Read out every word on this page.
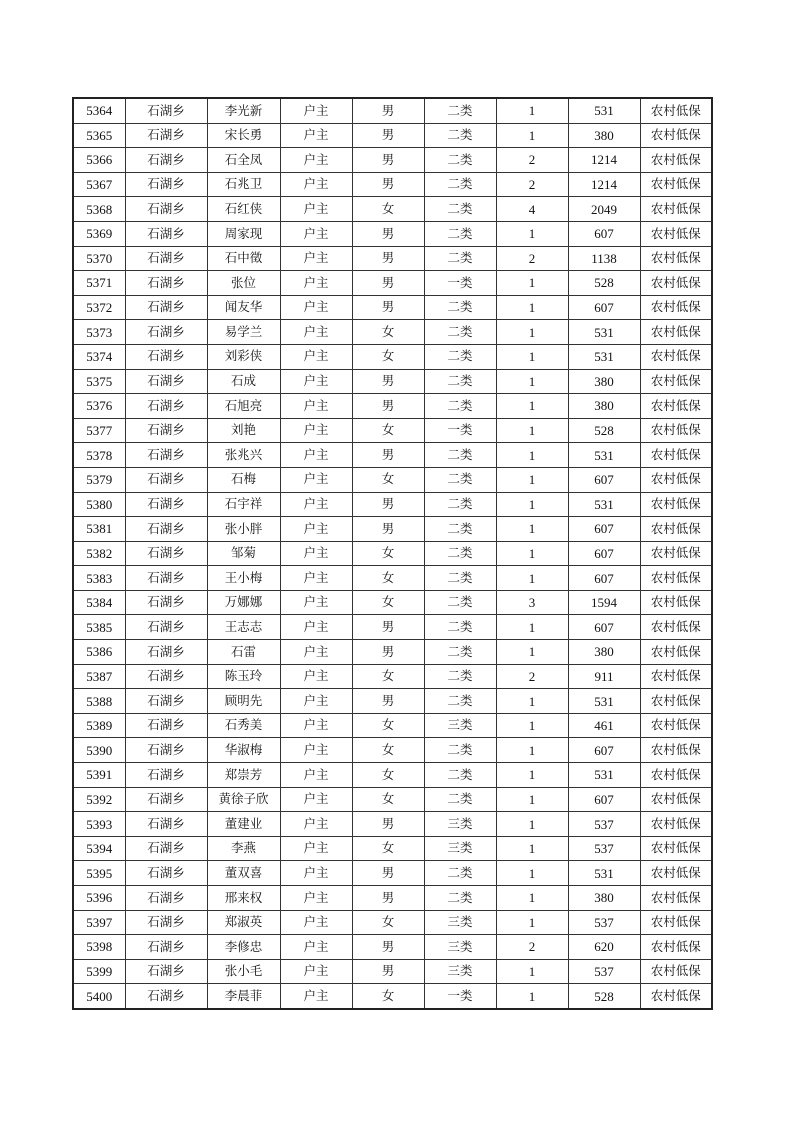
5364	石湖乡	李光新	户主	男	二类	1	531	农村低保
5365	石湖乡	宋长勇	户主	男	二类	1	380	农村低保
5366	石湖乡	石全凤	户主	男	二类	2	1214	农村低保
5367	石湖乡	石兆卫	户主	男	二类	2	1214	农村低保
5368	石湖乡	石红侠	户主	女	二类	4	2049	农村低保
5369	石湖乡	周家现	户主	男	二类	1	607	农村低保
5370	石湖乡	石中徵	户主	男	二类	2	1138	农村低保
5371	石湖乡	张位	户主	男	一类	1	528	农村低保
5372	石湖乡	闻友华	户主	男	二类	1	607	农村低保
5373	石湖乡	易学兰	户主	女	二类	1	531	农村低保
5374	石湖乡	刘彩侠	户主	女	二类	1	531	农村低保
5375	石湖乡	石成	户主	男	二类	1	380	农村低保
5376	石湖乡	石旭亮	户主	男	二类	1	380	农村低保
5377	石湖乡	刘艳	户主	女	一类	1	528	农村低保
5378	石湖乡	张兆兴	户主	男	二类	1	531	农村低保
5379	石湖乡	石梅	户主	女	二类	1	607	农村低保
5380	石湖乡	石宇祥	户主	男	二类	1	531	农村低保
5381	石湖乡	张小胖	户主	男	二类	1	607	农村低保
5382	石湖乡	邹菊	户主	女	二类	1	607	农村低保
5383	石湖乡	王小梅	户主	女	二类	1	607	农村低保
5384	石湖乡	万娜娜	户主	女	二类	3	1594	农村低保
5385	石湖乡	王志志	户主	男	二类	1	607	农村低保
5386	石湖乡	石雷	户主	男	二类	1	380	农村低保
5387	石湖乡	陈玉玲	户主	女	二类	2	911	农村低保
5388	石湖乡	顾明先	户主	男	二类	1	531	农村低保
5389	石湖乡	石秀美	户主	女	三类	1	461	农村低保
5390	石湖乡	华淑梅	户主	女	二类	1	607	农村低保
5391	石湖乡	郑崇芳	户主	女	二类	1	531	农村低保
5392	石湖乡	黄徐子欣	户主	女	二类	1	607	农村低保
5393	石湖乡	董建业	户主	男	三类	1	537	农村低保
5394	石湖乡	李燕	户主	女	三类	1	537	农村低保
5395	石湖乡	董双喜	户主	男	二类	1	531	农村低保
5396	石湖乡	邢来权	户主	男	二类	1	380	农村低保
5397	石湖乡	郑淑英	户主	女	三类	1	537	农村低保
5398	石湖乡	李修忠	户主	男	三类	2	620	农村低保
5399	石湖乡	张小毛	户主	男	三类	1	537	农村低保
5400	石湖乡	李晨菲	户主	女	一类	1	528	农村低保
